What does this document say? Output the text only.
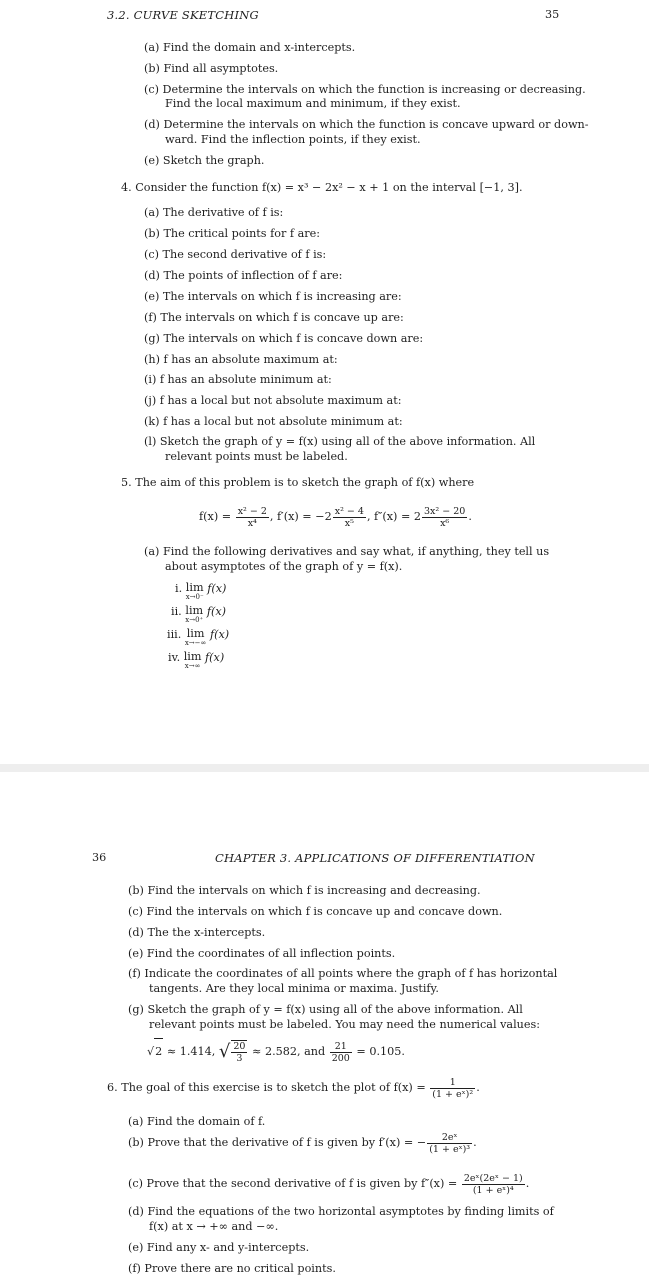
3.2. CURVE SKETCHING	35
(a) Find the domain and x-intercepts.
(b) Find all asymptotes.
(c) Determine the intervals on which the function is increasing or decreasing.
Find the local maximum and minimum, if they exist.
(d) Determine the intervals on which the function is concave upward or down-
ward. Find the inflection points, if they exist.
(e) Sketch the graph.
4. Consider the function f(x) = x³ − 2x² − x + 1 on the interval [−1, 3].
(a) The derivative of f is:
(b) The critical points for f are:
(c) The second derivative of f is:
(d) The points of inflection of f are:
(e) The intervals on which f is increasing are:
(f) The intervals on which f is concave up are:
(g) The intervals on which f is concave down are:
(h) f has an absolute maximum at:
(i) f has an absolute minimum at:
(j) f has a local but not absolute maximum at:
(k) f has a local but not absolute minimum at:
(l) Sketch the graph of y = f(x) using all of the above information. All
relevant points must be labeled.
5. The aim of this problem is to sketch the graph of f(x) where
$f(x) = \frac{\text{x² − 2}}{\text{x⁴}}$ , $f'(x) = -2 \frac{\text{x² − 4}}{\text{x⁵}}$ , $f''(x) = 2 \frac{\text{3x² − 20}}{\text{x⁶}}$ .
(a) Find the following derivatives and say what, if anything, they tell us
about asymptotes of the graph of y = f(x).
i. lim
x→0⁻
f(x)
ii. lim
x→0⁺
f(x)
iii. lim
x→−∞
f(x)
iv. lim
x→∞
f(x)
36	CHAPTER 3. APPLICATIONS OF DIFFERENTIATION
(b) Find the intervals on which f is increasing and decreasing.
(c) Find the intervals on which f is concave up and concave down.
(d) The the x-intercepts.
(e) Find the coordinates of all inflection points.
(f) Indicate the coordinates of all points where the graph of f has horizontal
tangents. Are they local minima or maxima. Justify.
(g) Sketch the graph of y = f(x) using all of the above information. All
relevant points must be labeled. You may need the numerical values:
√2 ≈ 1.414, √ $\frac{20}{3} \approx 2.582$, and $\frac{21}{200} = 0.105$.
6. The goal of this exercise is to sketch the plot of $f(x) = \frac{1}{\text{(1 + eˣ)²}}$ .
(a) Find the domain of f.
(b) Prove that the derivative of f is given by f′(x) = − $\frac{\text{2eˣ}}{\text{(1 + eˣ)³}}$ .
(c) Prove that the second derivative of f is given by $f''(x) = \frac{\text{2eˣ(2eˣ − 1)}}{\text{(1 + eˣ)⁴}}$ .
(d) Find the equations of the two horizontal asymptotes by finding limits of
f(x) at x → +∞ and −∞.
(e) Find any x- and y-intercepts.
(f) Prove there are no critical points.
